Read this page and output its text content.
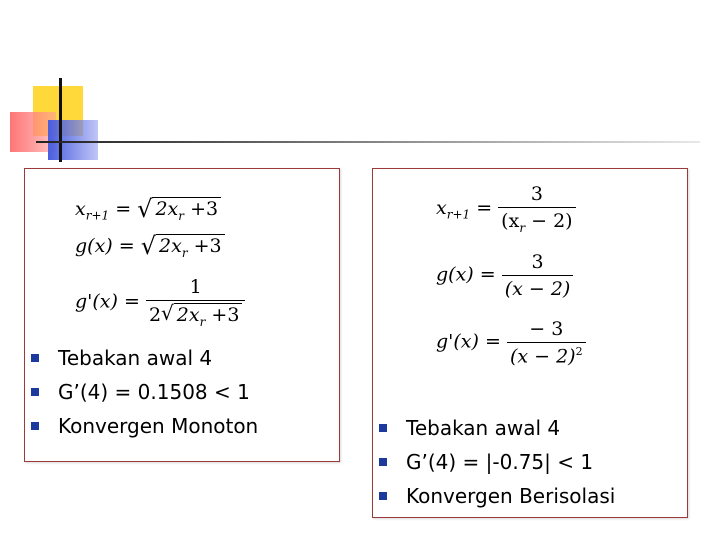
$x_{r+1}$ = √ $2x_r +3$
g(x) = √ $2x_r +3$
$g'(x) = \frac{1}{2 √ 2x_r +3}$
Tebakan awal 4
G’(4) = 0.1508 < 1
Konvergen Monoton
$x_{r+1} = \frac{3}{(x_r - 2)}$
$g(x) = \frac{3}{(x - 2)}$
$g'(x) = \frac{- 3}{(x - 2)^2}$
Tebakan awal 4
G’(4) = |-0.75| < 1
Konvergen Berisolasi
